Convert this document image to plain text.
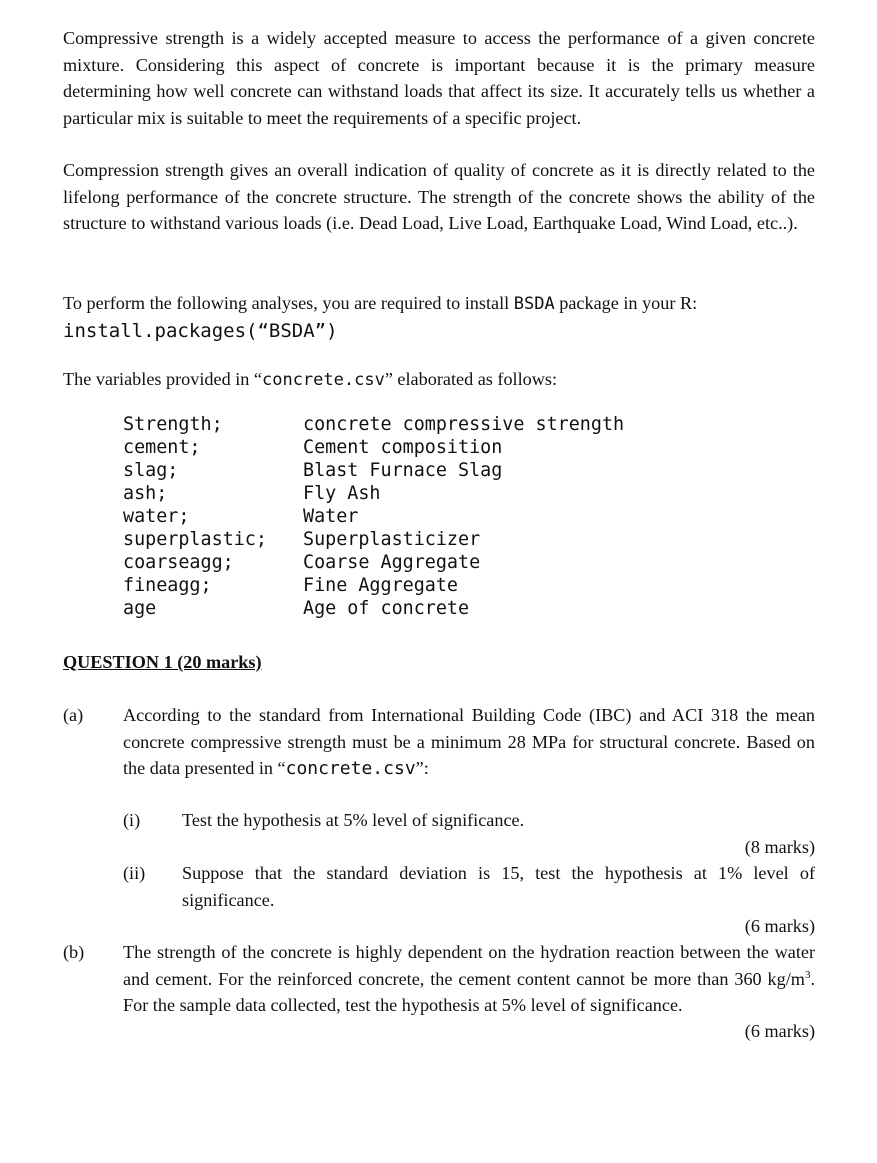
Compressive strength is a widely accepted measure to access the performance of a given concrete mixture. Considering this aspect of concrete is important because it is the primary measure determining how well concrete can withstand loads that affect its size. It accurately tells us whether a particular mix is suitable to meet the requirements of a specific project.

Compression strength gives an overall indication of quality of concrete as it is directly related to the lifelong performance of the concrete structure. The strength of the concrete shows the ability of the structure to withstand various loads (i.e. Dead Load, Live Load, Earthquake Load, Wind Load, etc..).

To perform the following analyses, you are required to install BSDA package in your R:
install.packages(“BSDA”)

The variables provided in “concrete.csv” elaborated as follows:

Strength;	concrete compressive strength
cement;	Cement composition
slag;	Blast Furnace Slag
ash;	Fly Ash
water;	Water
superplastic;	Superplasticizer
coarseagg;	Coarse Aggregate
fineagg;	Fine Aggregate
age	Age of concrete
QUESTION 1 (20 marks)
(a) According to the standard from International Building Code (IBC) and ACI 318 the mean concrete compressive strength must be a minimum 28 MPa for structural concrete. Based on the data presented in “concrete.csv”:

(i) Test the hypothesis at 5% level of significance.

(8 marks)
(ii) Suppose that the standard deviation is 15, test the hypothesis at 1% level of significance.

(6 marks)
(b) The strength of the concrete is highly dependent on the hydration reaction between the water and cement. For the reinforced concrete, the cement content cannot be more than 360 $kg/m^3$. For the sample data collected, test the hypothesis at 5% level of significance.

(6 marks)
